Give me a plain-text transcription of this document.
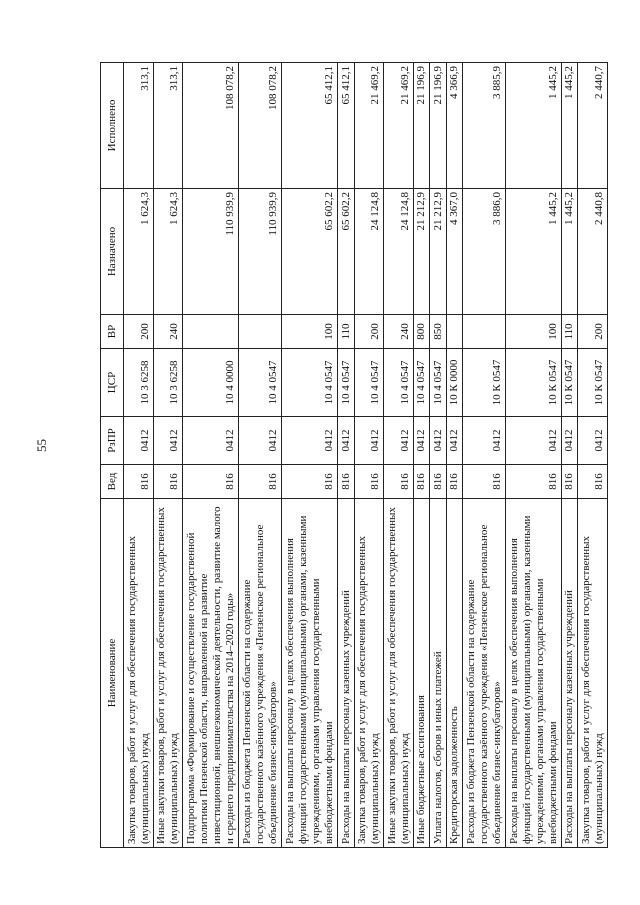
55
Наименование	Вед	РзПР	ЦСР	ВР	Назначено	Исполнено
Закупка товаров, работ и услуг для обеспечения государственных (муниципальных) нужд	816	0412	10 3 6258	200	1 624,3	313,1
Иные закупки товаров, работ и услуг для обеспечения государственных (муниципальных) нужд	816	0412	10 3 6258	240	1 624,3	313,1
Подпрограмма «Формирование и осуществление государственной политики Пензенской области, направленной на развитие инвестиционной, внешнеэкономической деятельности, развитие малого и среднего предпринимательства на 2014–2020 годы»	816	0412	10 4 0000		110 939,9	108 078,2
Расходы из бюджета Пензенской области на содержание государственного казённого учреждения «Пензенское региональное объединение бизнес-инкубаторов»	816	0412	10 4 0547		110 939,9	108 078,2
Расходы на выплаты персоналу в целях обеспечения выполнения функций государственными (муниципальными) органами, казенными учреждениями, органами управления государственными внебюджетными фондами	816	0412	10 4 0547	100	65 602,2	65 412,1
Расходы на выплаты персоналу казенных учреждений	816	0412	10 4 0547	110	65 602,2	65 412,1
Закупка товаров, работ и услуг для обеспечения государственных (муниципальных) нужд	816	0412	10 4 0547	200	24 124,8	21 469,2
Иные закупки товаров, работ и услуг для обеспечения государственных (муниципальных) нужд	816	0412	10 4 0547	240	24 124,8	21 469,2
Иные бюджетные ассигнования	816	0412	10 4 0547	800	21 212,9	21 196,9
Уплата налогов, сборов и иных платежей	816	0412	10 4 0547	850	21 212,9	21 196,9
Кредиторская задолженность	816	0412	10 К 0000		4 367,0	4 366,9
Расходы из бюджета Пензенской области на содержание государственного казённого учреждения «Пензенское региональное объединение бизнес-инкубаторов»	816	0412	10 К 0547		3 886,0	3 885,9
Расходы на выплаты персоналу в целях обеспечения выполнения функций государственными (муниципальными) органами, казенными учреждениями, органами управления государственными внебюджетными фондами	816	0412	10 К 0547	100	1 445,2	1 445,2
Расходы на выплаты персоналу казенных учреждений	816	0412	10 К 0547	110	1 445,2	1 445,2
Закупка товаров, работ и услуг для обеспечения государственных (муниципальных) нужд	816	0412	10 К 0547	200	2 440,8	2 440,7
